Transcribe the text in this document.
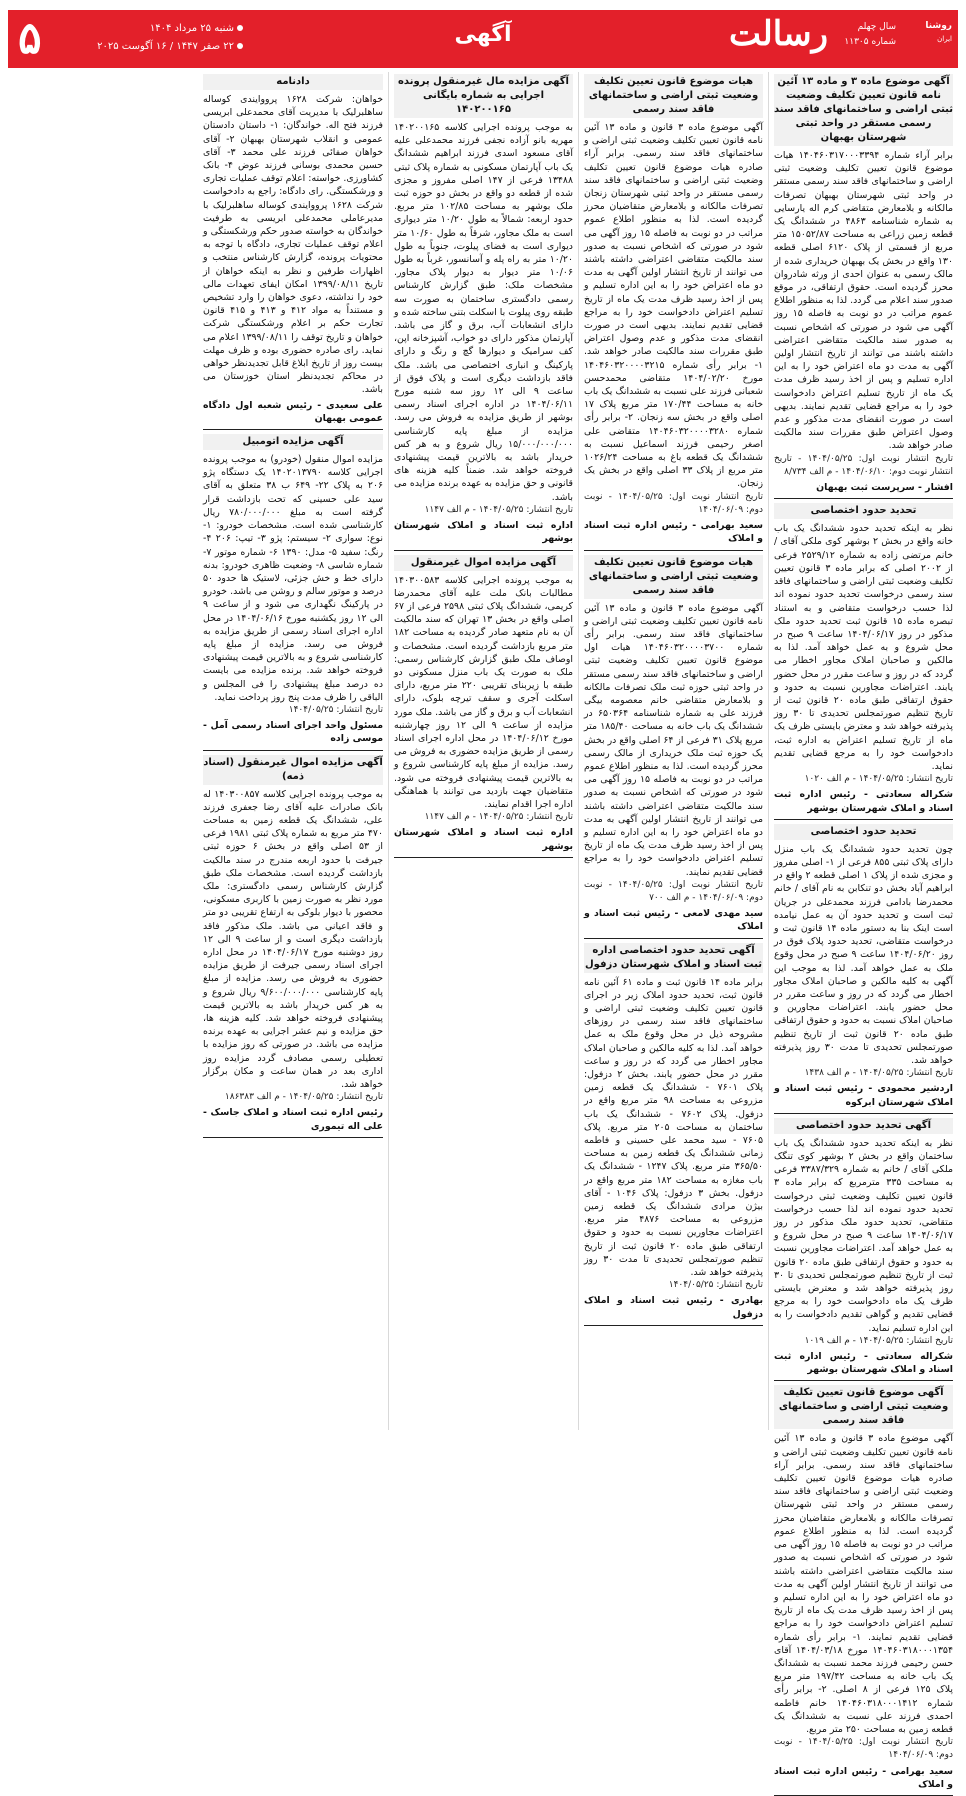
روشنا
ایران
سال چهلم
شماره ۱۱۳۰۵
رسالت
آگهی
۵	شنبه ۲۵ مرداد ۱۴۰۴
۲۲ صفر ۱۴۴۷ / ۱۶ آگوست ۲۰۲۵
آگهی موضوع ماده ۳ و ماده ۱۳ آئین نامه قانون تعیین تکلیف وضعیت ثبتی اراضی و ساختمانهای فاقد سند رسمی مستقر در واحد ثبتی شهرستان بهبهان

برابر آراء شماره ۱۴۰۴۶۰۳۱۷۰۰۰۳۳۹۴ هیات موضوع قانون تعیین تکلیف وضعیت ثبتی اراضی و ساختمانهای فاقد سند رسمی مستقر در واحد ثبتی شهرستان بهبهان تصرفات مالکانه و بلامعارض متقاضی کرم اله یارسایی به شماره شناسنامه ۴۸۶۳ در ششدانگ یک قطعه زمین زراعی به مساحت ۱۵۰۵۲/۸۷ متر مربع از قسمتی از پلاک ۶۱۲۰ اصلی قطعه ۱۳۰ واقع در بخش یک بهبهان خریداری شده از مالک رسمی به عنوان احدی از ورثه شادروان محرز گردیده است. حقوق ارتفاقی، در موقع صدور سند اعلام می گردد. لذا به منظور اطلاع عموم مراتب در دو نوبت به فاصله ۱۵ روز آگهی می شود در صورتی که اشخاص نسبت به صدور سند مالکیت متقاضی اعتراضی داشته باشند می توانند از تاریخ انتشار اولین آگهی به مدت دو ماه اعتراض خود را به این اداره تسلیم و پس از اخذ رسید ظرف مدت یک ماه از تاریخ تسلیم اعتراض دادخواست خود را به مراجع قضایی تقدیم نمایند. بدیهی است در صورت انقضای مدت مذکور و عدم وصول اعتراض طبق مقررات سند مالکیت صادر خواهد شد.

تاریخ انتشار نوبت اول: ۱۴۰۴/۰۵/۲۵ - تاریخ انتشار نوبت دوم: ۱۴۰۴/۰۶/۱۰ - م الف ۸/۷۳۴
افشار - سرپرست ثبت بهبهان
تحدید حدود اختصاصی

نظر به اینکه تحدید حدود ششدانگ یک باب خانه واقع در بخش ۲ بوشهر کوی ملکی آقای / خانم مرتضی زاده به شماره ۲۵۲۹/۱۲ فرعی از ۲۰۰۲ اصلی که برابر ماده ۳ قانون تعیین تکلیف وضعیت ثبتی اراضی و ساختمانهای فاقد سند رسمی درخواست تحدید حدود نموده اند لذا حسب درخواست متقاضی و به استناد تبصره ماده ۱۵ قانون ثبت تحدید حدود ملک مذکور در روز ۱۴۰۴/۰۶/۱۷ ساعت ۹ صبح در محل شروع و به عمل خواهد آمد. لذا به مالکین و صاحبان املاک مجاور اخطار می گردد که در روز و ساعت مقرر در محل حضور یابند. اعتراضات مجاورین نسبت به حدود و حقوق ارتفاقی طبق ماده ۲۰ قانون ثبت از تاریخ تنظیم صورتمجلس تحدیدی تا ۳۰ روز پذیرفته خواهد شد و معترض بایستی ظرف یک ماه از تاریخ تسلیم اعتراض به اداره ثبت، دادخواست خود را به مرجع قضایی تقدیم نماید.

تاریخ انتشار: ۱۴۰۴/۰۵/۲۵ - م الف ۱۰۲۰
شکراله سعادتی - رئیس اداره ثبت اسناد و املاک شهرستان بوشهر
تحدید حدود اختصاصی

چون تحدید حدود ششدانگ یک باب منزل دارای پلاک ثبتی ۸۵۵ فرعی از ۱- اصلی مفروز و مجزی شده از پلاک ۱ اصلی قطعه ۲ واقع در ابراهیم آباد بخش دو تنکابن به نام آقای / خانم محمدرضا بادامی فرزند محمدعلی در جریان ثبت است و تحدید حدود آن به عمل نیامده است اینک بنا به دستور ماده ۱۴ قانون ثبت و درخواست متقاضی، تحدید حدود پلاک فوق در روز ۱۴۰۴/۰۶/۲۰ ساعت ۹ صبح در محل وقوع ملک به عمل خواهد آمد. لذا به موجب این آگهی به کلیه مالکین و صاحبان املاک مجاور اخطار می گردد که در روز و ساعت مقرر در محل حضور یابند. اعتراضات مجاورین و صاحبان املاک نسبت به حدود و حقوق ارتفاقی طبق ماده ۲۰ قانون ثبت از تاریخ تنظیم صورتمجلس تحدیدی تا مدت ۳۰ روز پذیرفته خواهد شد.

تاریخ انتشار: ۱۴۰۴/۰۵/۲۵ - م الف ۱۴۳۸
اردشیر محمودی - رئیس ثبت اسناد و املاک شهرستان ابرکوه
آگهی تحدید حدود اختصاصی

نظر به اینکه تحدید حدود ششدانگ یک باب ساختمان واقع در بخش ۲ بوشهر کوی تنگک ملکی آقای / خانم به شماره ۳۳۸۷/۳۲۹ فرعی به مساحت ۳۳۵ مترمربع که برابر ماده ۳ قانون تعیین تکلیف وضعیت ثبتی درخواست تحدید حدود نموده اند لذا حسب درخواست متقاضی، تحدید حدود ملک مذکور در روز ۱۴۰۴/۰۶/۱۷ ساعت ۹ صبح در محل شروع و به عمل خواهد آمد. اعتراضات مجاورین نسبت به حدود و حقوق ارتفاقی طبق ماده ۲۰ قانون ثبت از تاریخ تنظیم صورتمجلس تحدیدی تا ۳۰ روز پذیرفته خواهد شد و معترض بایستی ظرف یک ماه دادخواست خود را به مرجع قضایی تقدیم و گواهی تقدیم دادخواست را به این اداره تسلیم نماید.

تاریخ انتشار: ۱۴۰۴/۰۵/۲۵ - م الف ۱۰۱۹
شکراله سعادتی - رئیس اداره ثبت اسناد و املاک شهرستان بوشهر
آگهی موضوع قانون تعیین تکلیف وضعیت ثبتی اراضی و ساختمانهای فاقد سند رسمی

آگهی موضوع ماده ۳ قانون و ماده ۱۳ آئین نامه قانون تعیین تکلیف وضعیت ثبتی اراضی و ساختمانهای فاقد سند رسمی. برابر آراء صادره هیات موضوع قانون تعیین تکلیف وضعیت ثبتی اراضی و ساختمانهای فاقد سند رسمی مستقر در واحد ثبتی شهرستان تصرفات مالکانه و بلامعارض متقاضیان محرز گردیده است. لذا به منظور اطلاع عموم مراتب در دو نوبت به فاصله ۱۵ روز آگهی می شود در صورتی که اشخاص نسبت به صدور سند مالکیت متقاضی اعتراضی داشته باشند می توانند از تاریخ انتشار اولین آگهی به مدت دو ماه اعتراض خود را به این اداره تسلیم و پس از اخذ رسید ظرف مدت یک ماه از تاریخ تسلیم اعتراض دادخواست خود را به مراجع قضایی تقدیم نمایند. ۱- برابر رأی شماره ۱۴۰۴۶۰۳۱۸۰۰۰۱۳۵۴ مورخ ۱۴۰۴/۰۳/۱۸ آقای حسن رحیمی فرزند محمد نسبت به ششدانگ یک باب خانه به مساحت ۱۹۷/۴۲ متر مربع پلاک ۱۲۵ فرعی از ۸ اصلی. ۲- برابر رأی شماره ۱۴۰۴۶۰۳۱۸۰۰۰۱۴۱۲ خانم فاطمه احمدی فرزند علی نسبت به ششدانگ یک قطعه زمین به مساحت ۲۵۰ متر مربع.

تاریخ انتشار نوبت اول: ۱۴۰۴/۰۵/۲۵ - نوبت دوم: ۱۴۰۴/۰۶/۰۹
سعید بهرامی - رئیس اداره ثبت اسناد و املاک
هیات موضوع قانون تعیین تکلیف وضعیت ثبتی اراضی و ساختمانهای فاقد سند رسمی

آگهی موضوع ماده ۳ قانون و ماده ۱۳ آئین نامه قانون تعیین تکلیف وضعیت ثبتی اراضی و ساختمانهای فاقد سند رسمی. برابر آراء صادره هیات موضوع قانون تعیین تکلیف وضعیت ثبتی اراضی و ساختمانهای فاقد سند رسمی مستقر در واحد ثبتی شهرستان زنجان تصرفات مالکانه و بلامعارض متقاضیان محرز گردیده است. لذا به منظور اطلاع عموم مراتب در دو نوبت به فاصله ۱۵ روز آگهی می شود در صورتی که اشخاص نسبت به صدور سند مالکیت متقاضی اعتراضی داشته باشند می توانند از تاریخ انتشار اولین آگهی به مدت دو ماه اعتراض خود را به این اداره تسلیم و پس از اخذ رسید ظرف مدت یک ماه از تاریخ تسلیم اعتراض دادخواست خود را به مراجع قضایی تقدیم نمایند. بدیهی است در صورت انقضای مدت مذکور و عدم وصول اعتراض طبق مقررات سند مالکیت صادر خواهد شد. ۱- برابر رأی شماره ۱۴۰۴۶۰۳۲۰۰۰۰۳۲۱۵ مورخ ۱۴۰۴/۰۲/۲۰ متقاضی محمدحسن شعبانی فرزند علی نسبت به ششدانگ یک باب خانه به مساحت ۱۷۰/۴۴ متر مربع پلاک ۱۷ اصلی واقع در بخش سه زنجان. ۲- برابر رأی شماره ۱۴۰۴۶۰۳۲۰۰۰۰۳۲۸۰ متقاضی علی اصغر رحیمی فرزند اسماعیل نسبت به ششدانگ یک قطعه باغ به مساحت ۱۰۲۶/۲۴ متر مربع از پلاک ۳۳ اصلی واقع در بخش یک زنجان.

تاریخ انتشار نوبت اول: ۱۴۰۴/۰۵/۲۵ - نوبت دوم: ۱۴۰۴/۰۶/۰۹
سعید بهرامی - رئیس اداره ثبت اسناد و املاک
هیات موضوع قانون تعیین تکلیف وضعیت ثبتی اراضی و ساختمانهای فاقد سند رسمی

آگهی موضوع ماده ۳ قانون و ماده ۱۳ آئین نامه قانون تعیین تکلیف وضعیت ثبتی اراضی و ساختمانهای فاقد سند رسمی. برابر رأی شماره ۱۴۰۴۶۰۳۲۰۰۰۰۳۷۰۰ هیات اول موضوع قانون تعیین تکلیف وضعیت ثبتی اراضی و ساختمانهای فاقد سند رسمی مستقر در واحد ثبتی حوزه ثبت ملک تصرفات مالکانه و بلامعارض متقاضی خانم معصومه بیگی فرزند علی به شماره شناسنامه ۶۵۰۳۶۴ در ششدانگ یک باب خانه به مساحت ۱۸۵/۴۰ متر مربع پلاک ۳۱ فرعی از ۶۴ اصلی واقع در بخش یک حوزه ثبت ملک خریداری از مالک رسمی محرز گردیده است. لذا به منظور اطلاع عموم مراتب در دو نوبت به فاصله ۱۵ روز آگهی می شود در صورتی که اشخاص نسبت به صدور سند مالکیت متقاضی اعتراضی داشته باشند می توانند از تاریخ انتشار اولین آگهی به مدت دو ماه اعتراض خود را به این اداره تسلیم و پس از اخذ رسید ظرف مدت یک ماه از تاریخ تسلیم اعتراض دادخواست خود را به مراجع قضایی تقدیم نمایند.

تاریخ انتشار نوبت اول: ۱۴۰۴/۰۵/۲۵ - نوبت دوم: ۱۴۰۴/۰۶/۰۹ - م الف ۷۰۰
سید مهدی لامعی - رئیس ثبت اسناد و املاک
آگهی تحدید حدود اختصاصی اداره ثبت اسناد و املاک شهرستان دزفول

برابر ماده ۱۴ قانون ثبت و ماده ۶۱ آئین نامه قانون ثبت، تحدید حدود املاک زیر در اجرای قانون تعیین تکلیف وضعیت ثبتی اراضی و ساختمانهای فاقد سند رسمی در روزهای مشروحه ذیل در محل وقوع ملک به عمل خواهد آمد. لذا به کلیه مالکین و صاحبان املاک مجاور اخطار می گردد که در روز و ساعت مقرر در محل حضور یابند. بخش ۲ دزفول: پلاک ۷۶۰۱ - ششدانگ یک قطعه زمین مزروعی به مساحت ۹۸ متر مربع واقع در دزفول. پلاک ۷۶۰۲ - ششدانگ یک باب ساختمان به مساحت ۲۰۵ متر مربع. پلاک ۷۶۰۵ - سید محمد علی حسینی و فاطمه زمانی ششدانگ یک قطعه زمین به مساحت ۳۶۵/۵۰ متر مربع. پلاک ۱۲۴۷ - ششدانگ یک باب مغازه به مساحت ۱۸۲ متر مربع واقع در دزفول. بخش ۳ دزفول: پلاک ۱۰۴۶ - آقای بیژن مرادی ششدانگ یک قطعه زمین مزروعی به مساحت ۴۸۷۶ متر مربع. اعتراضات مجاورین نسبت به حدود و حقوق ارتفاقی طبق ماده ۲۰ قانون ثبت از تاریخ تنظیم صورتمجلس تحدیدی تا مدت ۳۰ روز پذیرفته خواهد شد.

تاریخ انتشار: ۱۴۰۴/۰۵/۲۵
بهادری - رئیس ثبت اسناد و املاک دزفول
آگهی مزایده مال غیرمنقول پرونده اجرایی به شماره بایگانی ۱۴۰۲۰۰۱۶۵

به موجب پرونده اجرایی کلاسه ۱۴۰۲۰۰۱۶۵ مهریه بانو آزاده نجفی فرزند محمدعلی علیه آقای مسعود اسدی فرزند ابراهیم ششدانگ یک باب آپارتمان مسکونی به شماره پلاک ثبتی ۱۳۴۸۸ فرعی از ۱۴۷ اصلی مفروز و مجزی شده از قطعه دو واقع در بخش دو حوزه ثبت ملک بوشهر به مساحت ۱۰۲/۸۵ متر مربع. حدود اربعه: شمالاً به طول ۱۰/۲۰ متر دیواری است به ملک مجاور، شرقاً به طول ۱۰/۶۰ متر دیواری است به فضای پیلوت، جنوباً به طول ۱۰/۲۰ متر به راه پله و آسانسور، غرباً به طول ۱۰/۰۶ متر دیوار به دیوار پلاک مجاور. مشخصات ملک: طبق گزارش کارشناس رسمی دادگستری ساختمان به صورت سه طبقه روی پیلوت با اسکلت بتنی ساخته شده و دارای انشعابات آب، برق و گاز می باشد. آپارتمان مذکور دارای دو خواب، آشپزخانه اپن، کف سرامیک و دیوارها گچ و رنگ و دارای پارکینگ و انباری اختصاصی می باشد. ملک فاقد بازداشت دیگری است و پلاک فوق از ساعت ۹ الی ۱۲ روز سه شنبه مورخ ۱۴۰۴/۰۶/۱۱ در اداره اجرای اسناد رسمی بوشهر از طریق مزایده به فروش می رسد. مزایده از مبلغ پایه کارشناسی ۱۵/۰۰۰/۰۰۰/۰۰۰ ریال شروع و به هر کس خریدار باشد به بالاترین قیمت پیشنهادی فروخته خواهد شد. ضمناً کلیه هزینه های قانونی و حق مزایده به عهده برنده مزایده می باشد.

تاریخ انتشار: ۱۴۰۴/۰۵/۲۵ - م الف ۱۱۴۷
اداره ثبت اسناد و املاک شهرستان بوشهر
آگهی مزایده اموال غیرمنقول

به موجب پرونده اجرایی کلاسه ۱۴۰۳۰۰۵۸۳ مطالبات بانک ملت علیه آقای محمدرضا کریمی، ششدانگ پلاک ثبتی ۲۵۹۸ فرعی از ۶۷ اصلی واقع در بخش ۱۳ تهران که سند مالکیت آن به نام متعهد صادر گردیده به مساحت ۱۸۲ متر مربع بازداشت گردیده است. مشخصات و اوصاف ملک طبق گزارش کارشناس رسمی: ملک به صورت یک باب منزل مسکونی دو طبقه با زیربنای تقریبی ۲۲۰ متر مربع، دارای اسکلت آجری و سقف تیرچه بلوک، دارای انشعابات آب و برق و گاز می باشد. ملک مورد مزایده از ساعت ۹ الی ۱۲ روز چهارشنبه مورخ ۱۴۰۴/۰۶/۱۲ در محل اداره اجرای اسناد رسمی از طریق مزایده حضوری به فروش می رسد. مزایده از مبلغ پایه کارشناسی شروع و به بالاترین قیمت پیشنهادی فروخته می شود. متقاضیان جهت بازدید می توانند با هماهنگی اداره اجرا اقدام نمایند.

تاریخ انتشار: ۱۴۰۴/۰۵/۲۵ - م الف ۱۱۴۷
اداره ثبت اسناد و املاک شهرستان بوشهر
دادنامه

خواهان: شرکت ۱۶۲۸ پرووایندی کوساله ساهلبرلیک با مدیریت آقای محمدعلی ابریسی فرزند فتح اله. خواندگان: ۱- داستان دادستان عمومی و انقلاب شهرستان بهبهان ۲- آقای خواهان صفائی فرزند علی محمد ۳- آقای حسین محمدی بوسانی فرزند عوض ۴- بانک کشاورزی. خواسته: اعلام توقف عملیات تجاری و ورشکستگی. رای دادگاه: راجع به دادخواست شرکت ۱۶۲۸ پرووایندی کوساله ساهلبرلیک با مدیرعاملی محمدعلی ابریسی به طرفیت خواندگان به خواسته صدور حکم ورشکستگی و اعلام توقف عملیات تجاری، دادگاه با توجه به محتویات پرونده، گزارش کارشناس منتخب و اظهارات طرفین و نظر به اینکه خواهان از تاریخ ۱۳۹۹/۰۸/۱۱ امکان ایفای تعهدات مالی خود را نداشته، دعوی خواهان را وارد تشخیص و مستنداً به مواد ۴۱۲ و ۴۱۳ و ۴۱۵ قانون تجارت حکم بر اعلام ورشکستگی شرکت خواهان و تاریخ توقف را ۱۳۹۹/۰۸/۱۱ اعلام می نماید. رای صادره حضوری بوده و ظرف مهلت بیست روز از تاریخ ابلاغ قابل تجدیدنظر خواهی در محاکم تجدیدنظر استان خوزستان می باشد.

علی سعیدی - رئیس شعبه اول دادگاه عمومی بهبهان
آگهی مزایده اتومبیل

مزایده اموال منقول (خودرو) به موجب پرونده اجرایی کلاسه ۱۴۰۲۰۱۳۷۹۰ یک دستگاه پژو ۲۰۶ به پلاک ۲۲- ۶۴۹ ب ۳۸ متعلق به آقای سید علی حسینی که تحت بازداشت قرار گرفته است به مبلغ ۷۸۰/۰۰۰/۰۰۰ ریال کارشناسی شده است. مشخصات خودرو: ۱- نوع: سواری ۲- سیستم: پژو ۳- تیپ: ۲۰۶ ۴- رنگ: سفید ۵- مدل: ۱۳۹۰ ۶- شماره موتور ۷- شماره شاسی ۸- وضعیت ظاهری خودرو: بدنه دارای خط و خش جزئی، لاستیک ها حدود ۵۰ درصد و موتور سالم و روشن می باشد. خودرو در پارکینگ نگهداری می شود و از ساعت ۹ الی ۱۲ روز یکشنبه مورخ ۱۴۰۴/۰۶/۱۶ در محل اداره اجرای اسناد رسمی از طریق مزایده به فروش می رسد. مزایده از مبلغ پایه کارشناسی شروع و به بالاترین قیمت پیشنهادی فروخته خواهد شد. برنده مزایده می بایست ده درصد مبلغ پیشنهادی را فی المجلس و الباقی را ظرف مدت پنج روز پرداخت نماید.

تاریخ انتشار: ۱۴۰۴/۰۵/۲۵
مسئول واحد اجرای اسناد رسمی آمل - موسی زاده
آگهی مزایده اموال غیرمنقول (اسناد ذمه)

به موجب پرونده اجرایی کلاسه ۱۴۰۳۰۰۸۵۷ له بانک صادرات علیه آقای رضا جعفری فرزند علی، ششدانگ یک قطعه زمین به مساحت ۴۷۰ متر مربع به شماره پلاک ثبتی ۱۹۸۱ فرعی از ۵۳ اصلی واقع در بخش ۶ حوزه ثبتی جیرفت با حدود اربعه مندرج در سند مالکیت بازداشت گردیده است. مشخصات ملک طبق گزارش کارشناس رسمی دادگستری: ملک مورد نظر به صورت زمین با کاربری مسکونی، محصور با دیوار بلوکی به ارتفاع تقریبی دو متر و فاقد اعیانی می باشد. ملک مذکور فاقد بازداشت دیگری است و از ساعت ۹ الی ۱۲ روز دوشنبه مورخ ۱۴۰۴/۰۶/۱۷ در محل اداره اجرای اسناد رسمی جیرفت از طریق مزایده حضوری به فروش می رسد. مزایده از مبلغ پایه کارشناسی ۹/۶۰۰/۰۰۰/۰۰۰ ریال شروع و به هر کس خریدار باشد به بالاترین قیمت پیشنهادی فروخته خواهد شد. کلیه هزینه ها، حق مزایده و نیم عشر اجرایی به عهده برنده مزایده می باشد. در صورتی که روز مزایده با تعطیلی رسمی مصادف گردد مزایده روز اداری بعد در همان ساعت و مکان برگزار خواهد شد.

تاریخ انتشار: ۱۴۰۴/۰۵/۲۵ - م الف ۱۸۶۳۸۳
رئیس اداره ثبت اسناد و املاک جاسک - علی اله تیموری
